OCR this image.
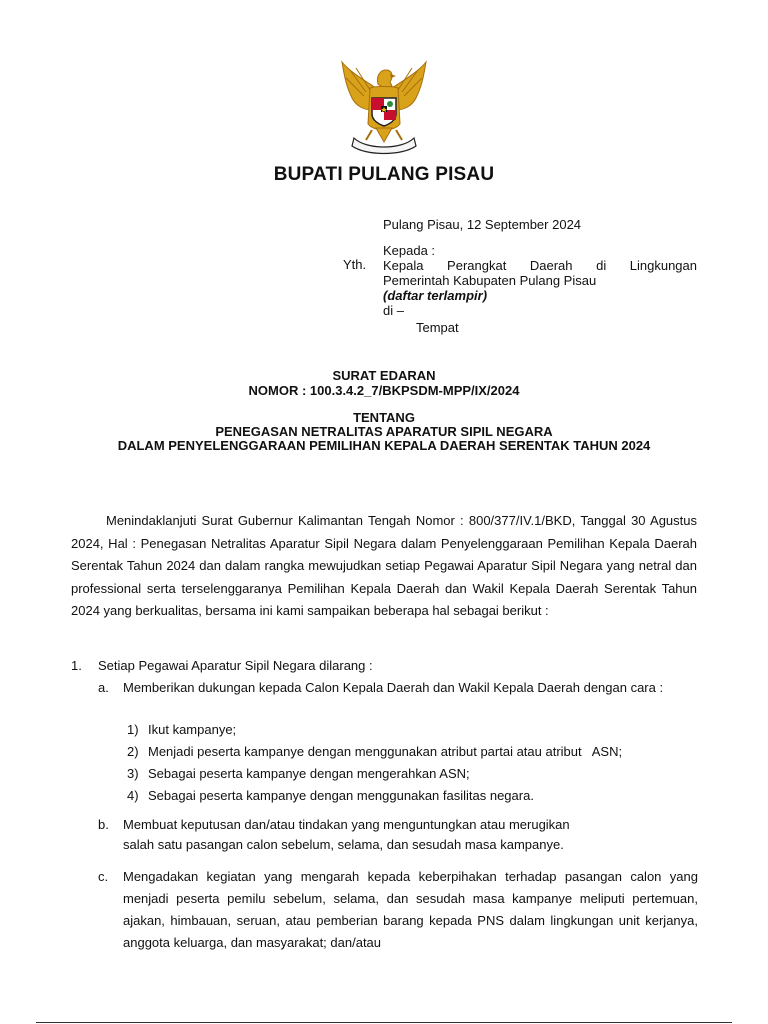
BUPATI PULANG PISAU
Pulang Pisau, 12 September 2024
Yth.
Kepada :
Kepala Perangkat Daerah di Lingkungan
Pemerintah Kabupaten Pulang Pisau
(daftar terlampir)
di –
Tempat
SURAT EDARAN
NOMOR : 100.3.4.2_7/BKPSDM-MPP/IX/2024
TENTANG
PENEGASAN NETRALITAS APARATUR SIPIL NEGARA
DALAM PENYELENGGARAAN PEMILIHAN KEPALA DAERAH SERENTAK TAHUN 2024
Menindaklanjuti Surat Gubernur Kalimantan Tengah Nomor : 800/377/IV.1/BKD, Tanggal 30 Agustus 2024, Hal : Penegasan Netralitas Aparatur Sipil Negara dalam Penyelenggaraan Pemilihan Kepala Daerah Serentak Tahun 2024 dan dalam rangka mewujudkan setiap Pegawai Aparatur Sipil Negara yang netral dan professional serta terselenggaranya Pemilihan Kepala Daerah dan Wakil Kepala Daerah Serentak Tahun 2024 yang berkualitas, bersama ini kami sampaikan beberapa hal sebagai berikut :
1. Setiap Pegawai Aparatur Sipil Negara dilarang :
a. Memberikan dukungan kepada Calon Kepala Daerah dan Wakil Kepala Daerah dengan cara :
1) Ikut kampanye;
2) Menjadi peserta kampanye dengan menggunakan atribut partai atau atribut   ASN;
3) Sebagai peserta kampanye dengan mengerahkan ASN;
4) Sebagai peserta kampanye dengan menggunakan fasilitas negara.
b. Membuat keputusan dan/atau tindakan yang menguntungkan atau merugikan
salah satu pasangan calon sebelum, selama, dan sesudah masa kampanye.
c. Mengadakan kegiatan yang mengarah kepada keberpihakan terhadap pasangan calon yang menjadi peserta pemilu sebelum, selama, dan sesudah masa kampanye meliputi pertemuan, ajakan, himbauan, seruan, atau pemberian barang kepada PNS dalam lingkungan unit kerjanya, anggota keluarga, dan masyarakat; dan/atau
